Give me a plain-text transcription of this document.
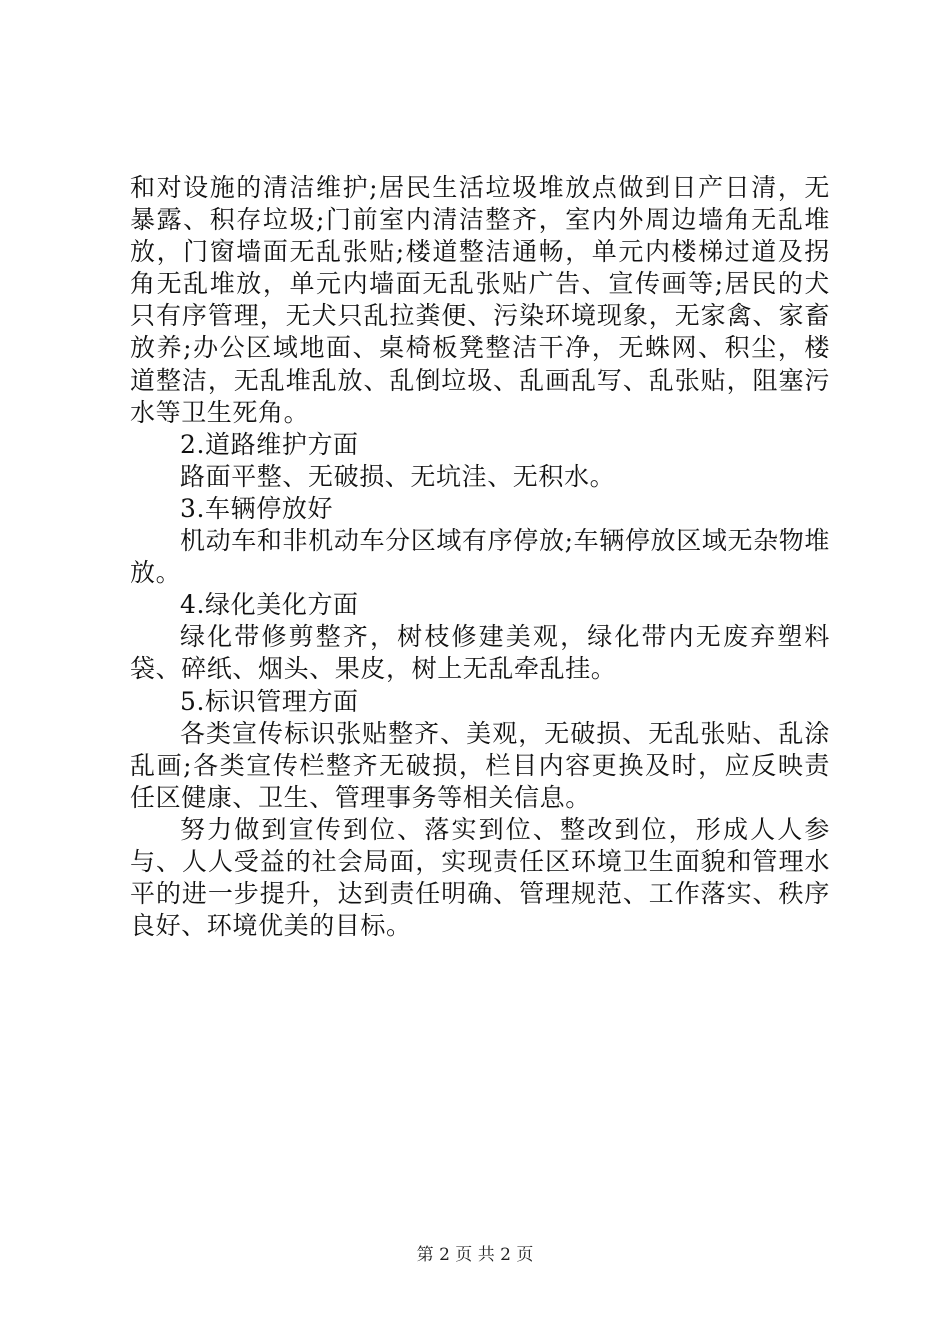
和对设施的清洁维护;居民生活垃圾堆放点做到日产日清，无暴露、积存垃圾;门前室内清洁整齐，室内外周边墙角无乱堆放，门窗墙面无乱张贴;楼道整洁通畅，单元内楼梯过道及拐角无乱堆放，单元内墙面无乱张贴广告、宣传画等;居民的犬只有序管理，无犬只乱拉粪便、污染环境现象，无家禽、家畜放养;办公区域地面、桌椅板凳整洁干净，无蛛网、积尘，楼道整洁，无乱堆乱放、乱倒垃圾、乱画乱写、乱张贴，阻塞污水等卫生死角。

2.道路维护方面

路面平整、无破损、无坑洼、无积水。

3.车辆停放好

机动车和非机动车分区域有序停放;车辆停放区域无杂物堆放。

4.绿化美化方面

绿化带修剪整齐，树枝修建美观，绿化带内无废弃塑料袋、碎纸、烟头、果皮，树上无乱牵乱挂。

5.标识管理方面

各类宣传标识张贴整齐、美观，无破损、无乱张贴、乱涂乱画;各类宣传栏整齐无破损，栏目内容更换及时，应反映责任区健康、卫生、管理事务等相关信息。

努力做到宣传到位、落实到位、整改到位，形成人人参与、人人受益的社会局面，实现责任区环境卫生面貌和管理水平的进一步提升，达到责任明确、管理规范、工作落实、秩序良好、环境优美的目标。

第 2 页 共 2 页
